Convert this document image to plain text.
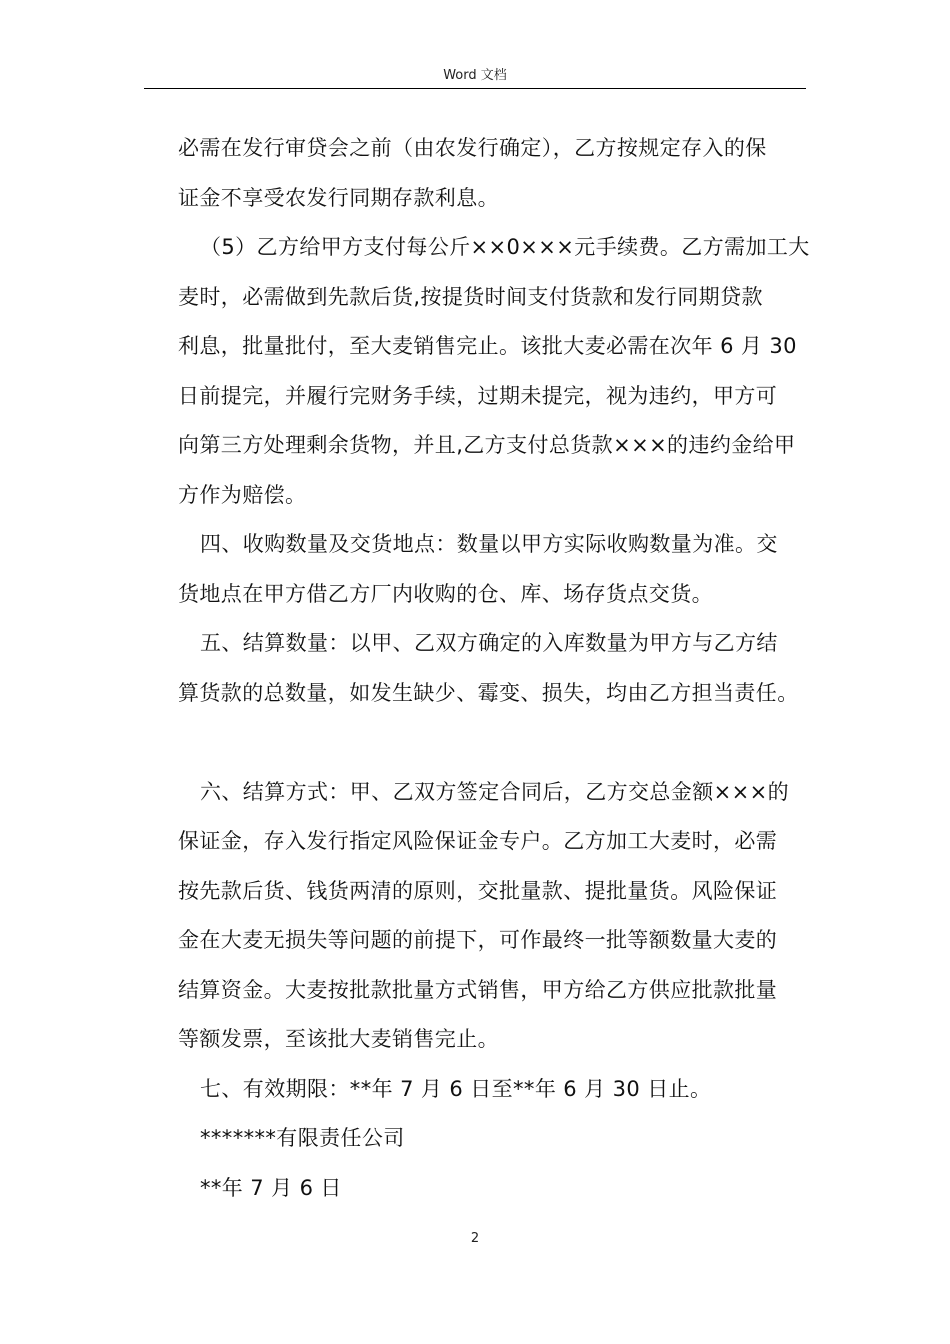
Word 文档
必需在发行审贷会之前（由农发行确定），乙方按规定存入的保
证金不享受农发行同期存款利息。
（5）乙方给甲方支付每公斤××0×××元手续费。乙方需加工大
麦时，必需做到先款后货,按提货时间支付货款和发行同期贷款
利息，批量批付，至大麦销售完止。该批大麦必需在次年 6 月 30
日前提完，并履行完财务手续，过期未提完，视为违约，甲方可
向第三方处理剩余货物，并且,乙方支付总货款×××的违约金给甲
方作为赔偿。
四、收购数量及交货地点：数量以甲方实际收购数量为准。交
货地点在甲方借乙方厂内收购的仓、库、场存货点交货。
五、结算数量：以甲、乙双方确定的入库数量为甲方与乙方结
算货款的总数量，如发生缺少、霉变、损失，均由乙方担当责任。
六、结算方式：甲、乙双方签定合同后，乙方交总金额×××的
保证金，存入发行指定风险保证金专户。乙方加工大麦时，必需
按先款后货、钱货两清的原则，交批量款、提批量货。风险保证
金在大麦无损失等问题的前提下，可作最终一批等额数量大麦的
结算资金。大麦按批款批量方式销售，甲方给乙方供应批款批量
等额发票，至该批大麦销售完止。
七、有效期限：**年 7 月 6 日至**年 6 月 30 日止。
*******有限责任公司
**年 7 月 6 日
2
